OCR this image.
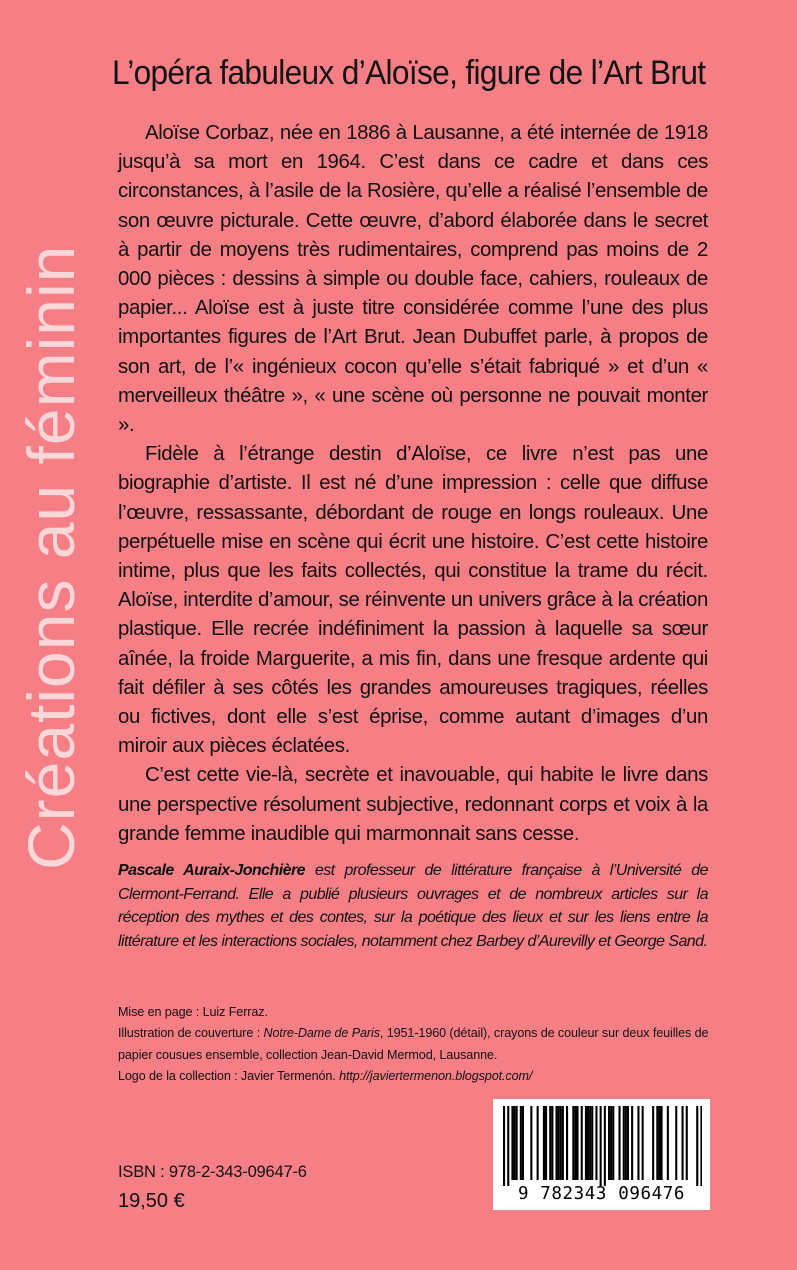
Créations au féminin
L’opéra fabuleux d’Aloïse, figure de l’Art Brut

Aloïse Corbaz, née en 1886 à Lausanne, a été internée de 1918 jusqu’à sa mort en 1964. C’est dans ce cadre et dans ces circonstances, à l’asile de la Rosière, qu’elle a réalisé l’ensemble de son œuvre picturale. Cette œuvre, d’abord élaborée dans le secret à partir de moyens très rudimentaires, comprend pas moins de 2 000 pièces : dessins à simple ou double face, cahiers, rouleaux de papier... Aloïse est à juste titre considérée comme l’une des plus importantes figures de l’Art Brut. Jean Dubuffet parle, à propos de son art, de l’« ingénieux cocon qu’elle s’était fabriqué » et d’un « merveilleux théâtre », « une scène où personne ne pouvait monter ».

Fidèle à l’étrange destin d’Aloïse, ce livre n’est pas une biographie d’artiste. Il est né d’une impression : celle que diffuse l’œuvre, ressassante, débordant de rouge en longs rouleaux. Une perpétuelle mise en scène qui écrit une histoire. C’est cette histoire intime, plus que les faits collectés, qui constitue la trame du récit. Aloïse, interdite d’amour, se réinvente un univers grâce à la création plastique. Elle recrée indéfiniment la passion à laquelle sa sœur aînée, la froide Marguerite, a mis fin, dans une fresque ardente qui fait défiler à ses côtés les grandes amoureuses tragiques, réelles ou fictives, dont elle s’est éprise, comme autant d’images d’un miroir aux pièces éclatées.

C’est cette vie-là, secrète et inavouable, qui habite le livre dans une perspective résolument subjective, redonnant corps et voix à la grande femme inaudible qui marmonnait sans cesse.

Pascale Auraix-Jonchière est professeur de littérature française à l’Université de Clermont-Ferrand. Elle a publié plusieurs ouvrages et de nombreux articles sur la réception des mythes et des contes, sur la poétique des lieux et sur les liens entre la littérature et les interactions sociales, notamment chez Barbey d’Aurevilly et George Sand.
Mise en page : Luiz Ferraz.
Illustration de couverture : Notre-Dame de Paris, 1951-1960 (détail), crayons de couleur sur deux feuilles de papier cousues ensemble, collection Jean-David Mermod, Lausanne.
Logo de la collection : Javier Termenón. http://javiertermenon.blogspot.com/
ISBN : 978-2-343-09647-6
19,50 €	9 782343 096476
